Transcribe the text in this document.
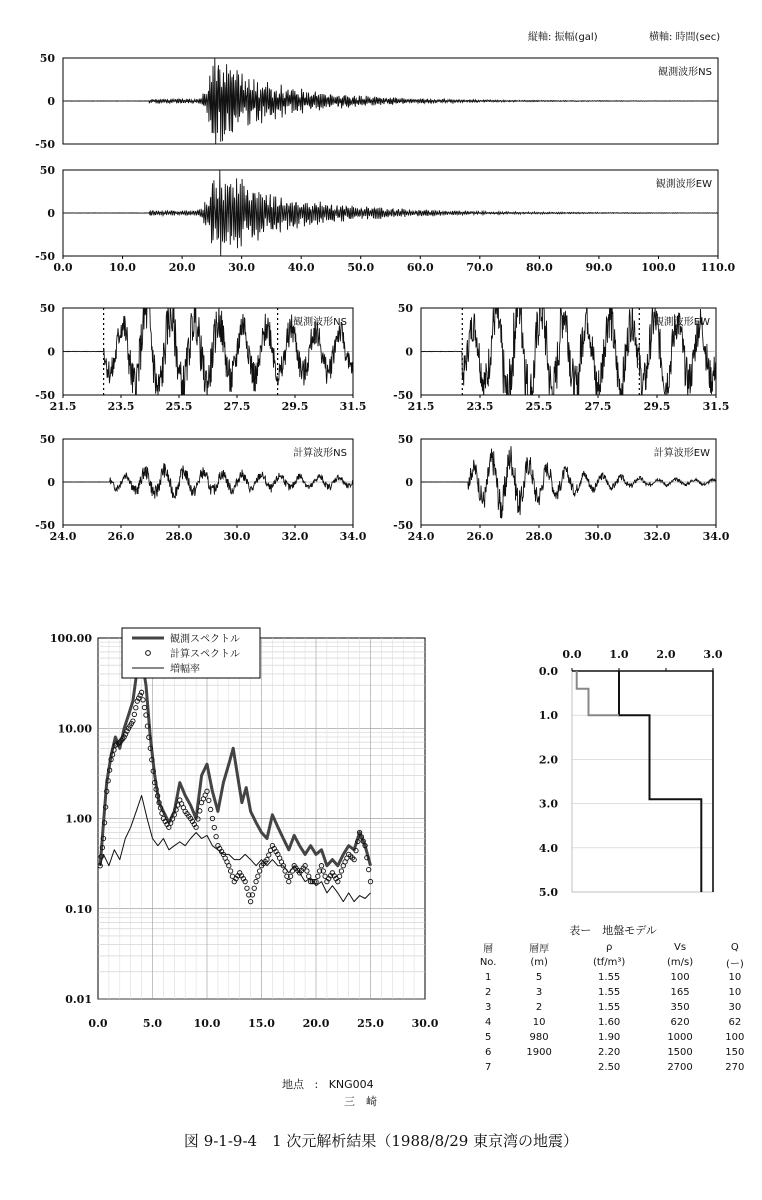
縦軸: 振幅(gal)	横軸: 時間(sec)
50
0
-50
観測波形NS
50
0
-50
0.0	10.0	20.0	30.0	40.0	50.0	60.0	70.0	80.0	90.0	100.0 110.0
観測波形EW
50
0
-50
21.5	23.5	25.5	27.5	29.5	31.5
観測波形NS
50
0
-50
21.5	23.5	25.5	27.5	29.5	31.5
観測波形EW
50
0
-50
24.0	26.0	28.0	30.0	32.0	34.0
計算波形NS
50
0
-50
24.0	26.0	28.0	30.0	32.0	34.0
計算波形EW
100.00
10.00
1.00
0.10
0.01
0.0	5.0	10.0	15.0	20.0	25.0	30.0
観測スペクトル
計算スペクトル
増幅率
0.0	1.0	2.0	3.0
0.0
1.0
2.0
3.0
4.0
5.0
表ー　地盤モデル
層	層厚	ρ	Vs	Q
No.	(m)	(tf/m³)	(m/s)	(ー)
1	5	1.55	100	10
2	3	1.55	165	10
3	2	1.55	350	30
4	10	1.60	620	62
5	980	1.90	1000	100
6	1900	2.20	1500	150
7		2.50	2700	270
地点 : KNG004
三　崎
図 9-1-9-4　1 次元解析結果（1988/8/29 東京湾の地震）
